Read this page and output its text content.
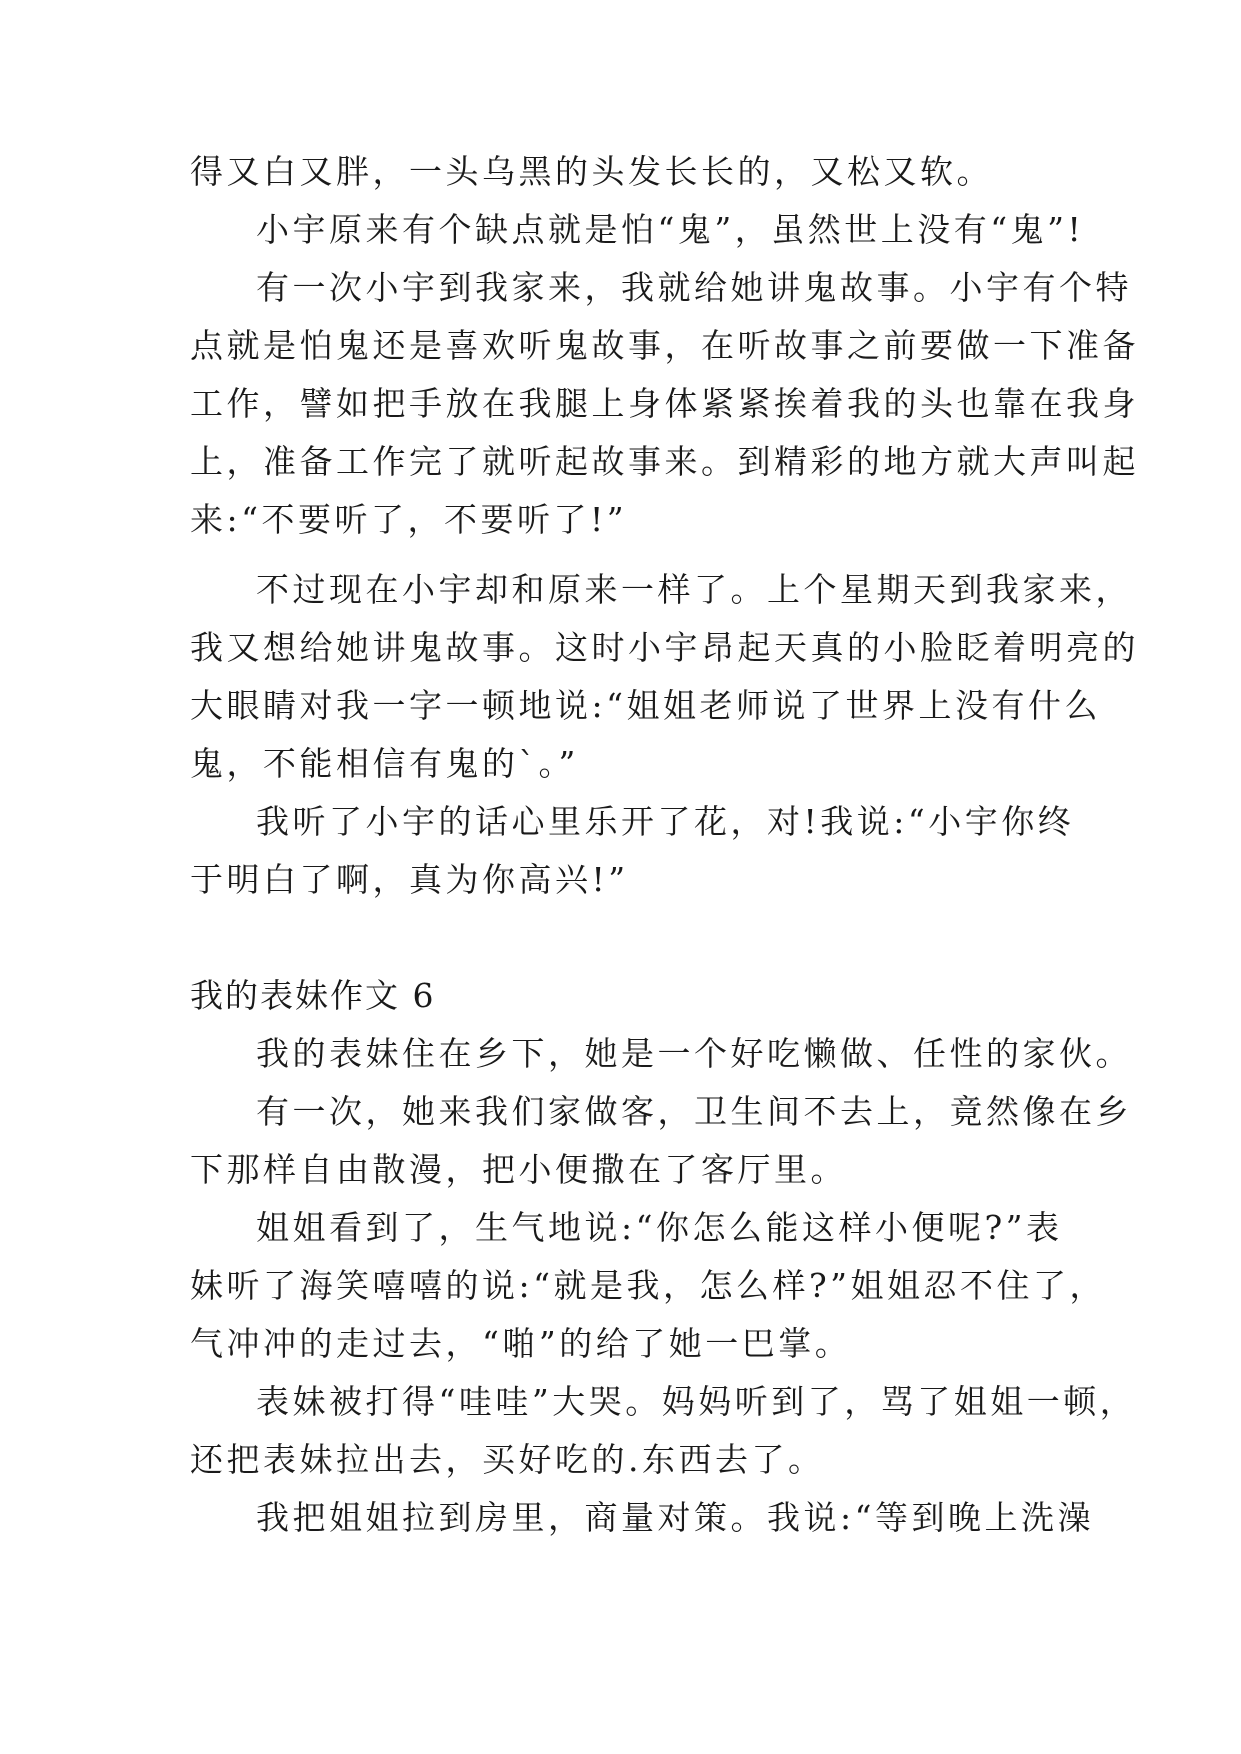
得又白又胖，一头乌黑的头发长长的，又松又软。

小宇原来有个缺点就是怕“鬼”，虽然世上没有“鬼”!

有一次小宇到我家来，我就给她讲鬼故事。小宇有个特

点就是怕鬼还是喜欢听鬼故事，在听故事之前要做一下准备

工作，譬如把手放在我腿上身体紧紧挨着我的头也靠在我身

上，准备工作完了就听起故事来。到精彩的地方就大声叫起

来:“不要听了，不要听了!”

不过现在小宇却和原来一样了。上个星期天到我家来，

我又想给她讲鬼故事。这时小宇昂起天真的小脸眨着明亮的

大眼睛对我一字一顿地说:“姐姐老师说了世界上没有什么

鬼，不能相信有鬼的`。”

我听了小宇的话心里乐开了花，对!我说:“小宇你终

于明白了啊，真为你高兴!”

我的表妹作文 6

我的表妹住在乡下，她是一个好吃懒做、任性的家伙。

有一次，她来我们家做客，卫生间不去上，竟然像在乡

下那样自由散漫，把小便撒在了客厅里。

姐姐看到了，生气地说:“你怎么能这样小便呢?”表

妹听了海笑嘻嘻的说:“就是我，怎么样?”姐姐忍不住了，

气冲冲的走过去，“啪”的给了她一巴掌。

表妹被打得“哇哇”大哭。妈妈听到了，骂了姐姐一顿，

还把表妹拉出去，买好吃的.东西去了。

我把姐姐拉到房里，商量对策。我说:“等到晚上洗澡
